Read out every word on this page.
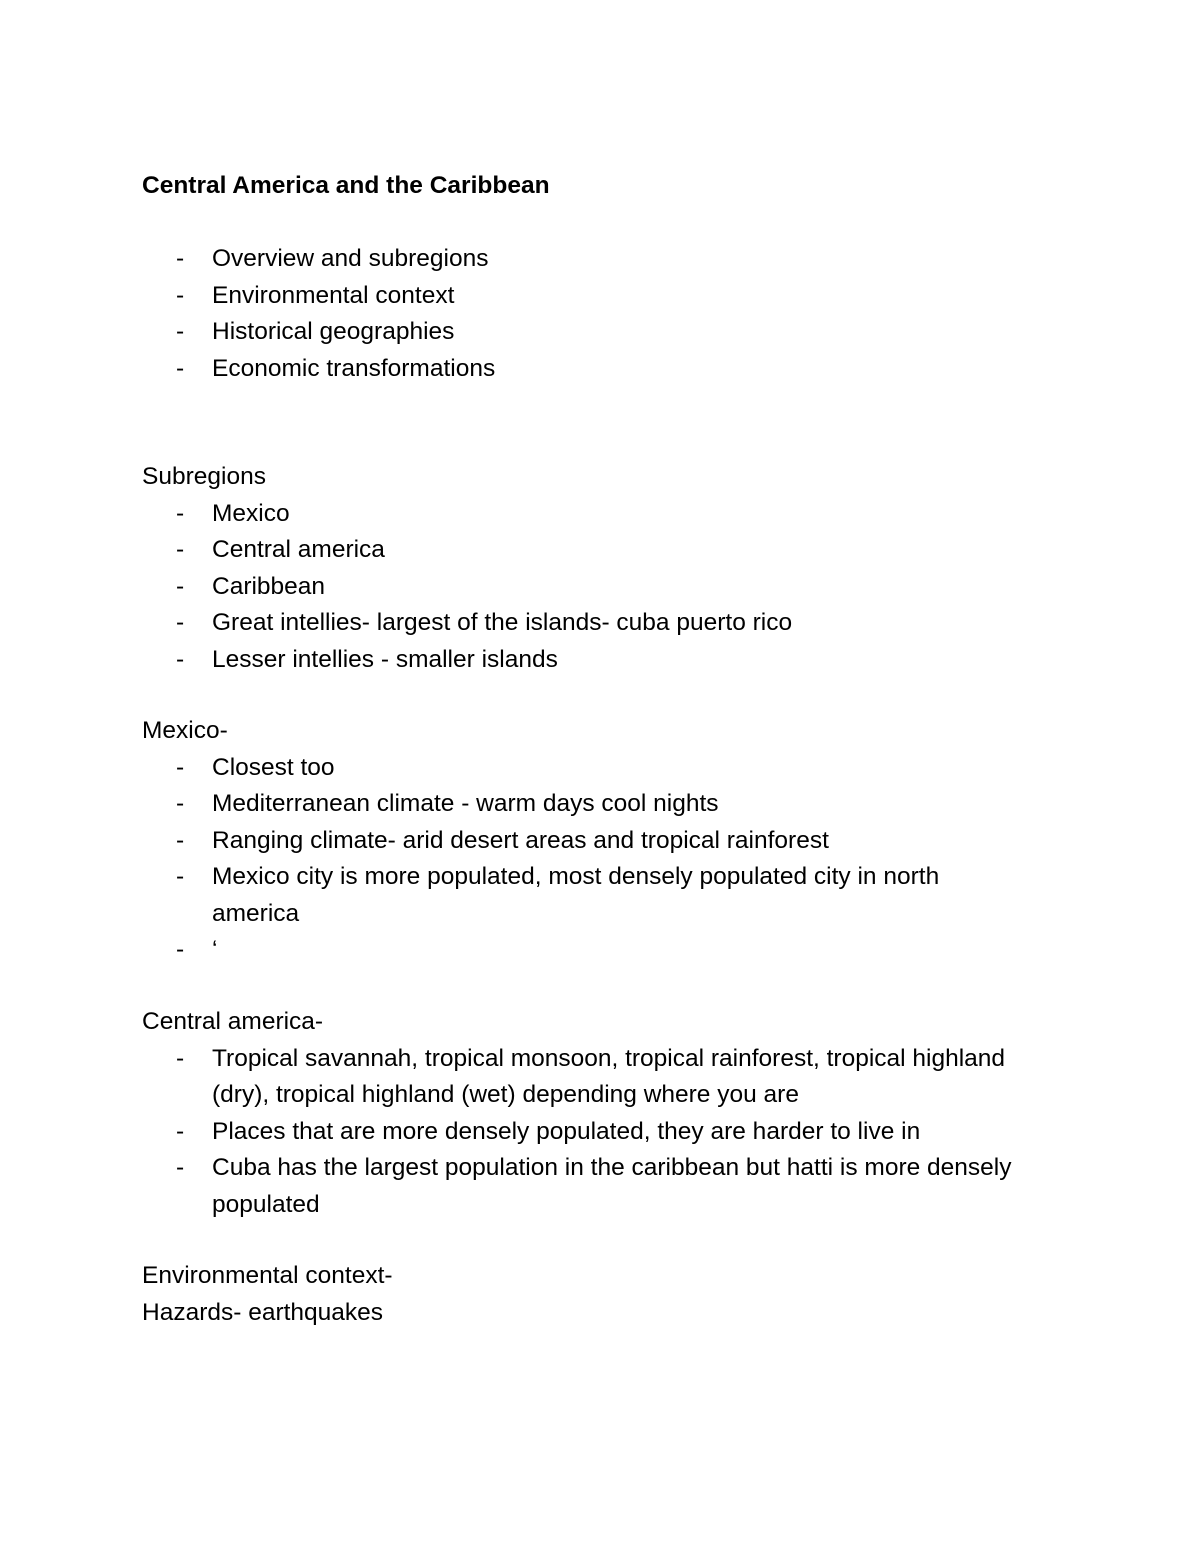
Central America and the Caribbean

- Overview and subregions
- Environmental context
- Historical geographies
- Economic transformations

Subregions

- Mexico
- Central america
- Caribbean
- Great intellies- largest of the islands- cuba puerto rico
- Lesser intellies - smaller islands

Mexico-

- Closest too
- Mediterranean climate - warm days cool nights
- Ranging climate- arid desert areas and tropical rainforest
- Mexico city is more populated, most densely populated city in north america
- ‘

Central america-

- Tropical savannah, tropical monsoon, tropical rainforest, tropical highland (dry), tropical highland (wet) depending where you are
- Places that are more densely populated, they are harder to live in
- Cuba has the largest population in the caribbean but hatti is more densely populated

Environmental context-

Hazards- earthquakes
